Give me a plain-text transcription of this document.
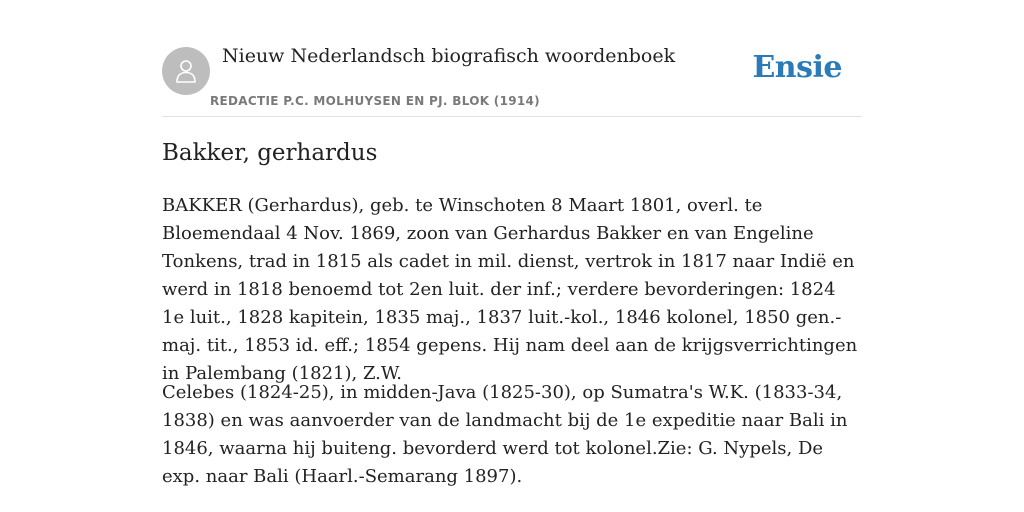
Nieuw Nederlandsch biografisch woordenboek
REDACTIE P.C. MOLHUYSEN EN PJ. BLOK (1914)
Ensie
Bakker, gerhardus

BAKKER (Gerhardus), geb. te Winschoten 8 Maart 1801, overl. te Bloemendaal 4 Nov. 1869, zoon van Gerhardus Bakker en van Engeline Tonkens, trad in 1815 als cadet in mil. dienst, vertrok in 1817 naar Indië en werd in 1818 benoemd tot 2en luit. der inf.; verdere bevorderingen: 1824 1e luit., 1828 kapitein, 1835 maj., 1837 luit.-kol., 1846 kolonel, 1850 gen.-maj. tit., 1853 id. eff.; 1854 gepens. Hij nam deel aan de krijgsverrichtingen in Palembang (1821), Z.W.

Celebes (1824-25), in midden-Java (1825-30), op Sumatra's W.K. (1833-34, 1838) en was aanvoerder van de landmacht bij de 1e expeditie naar Bali in 1846, waarna hij buiteng. bevorderd werd tot kolonel.Zie: G. Nypels, De exp. naar Bali (Haarl.-Semarang 1897).
